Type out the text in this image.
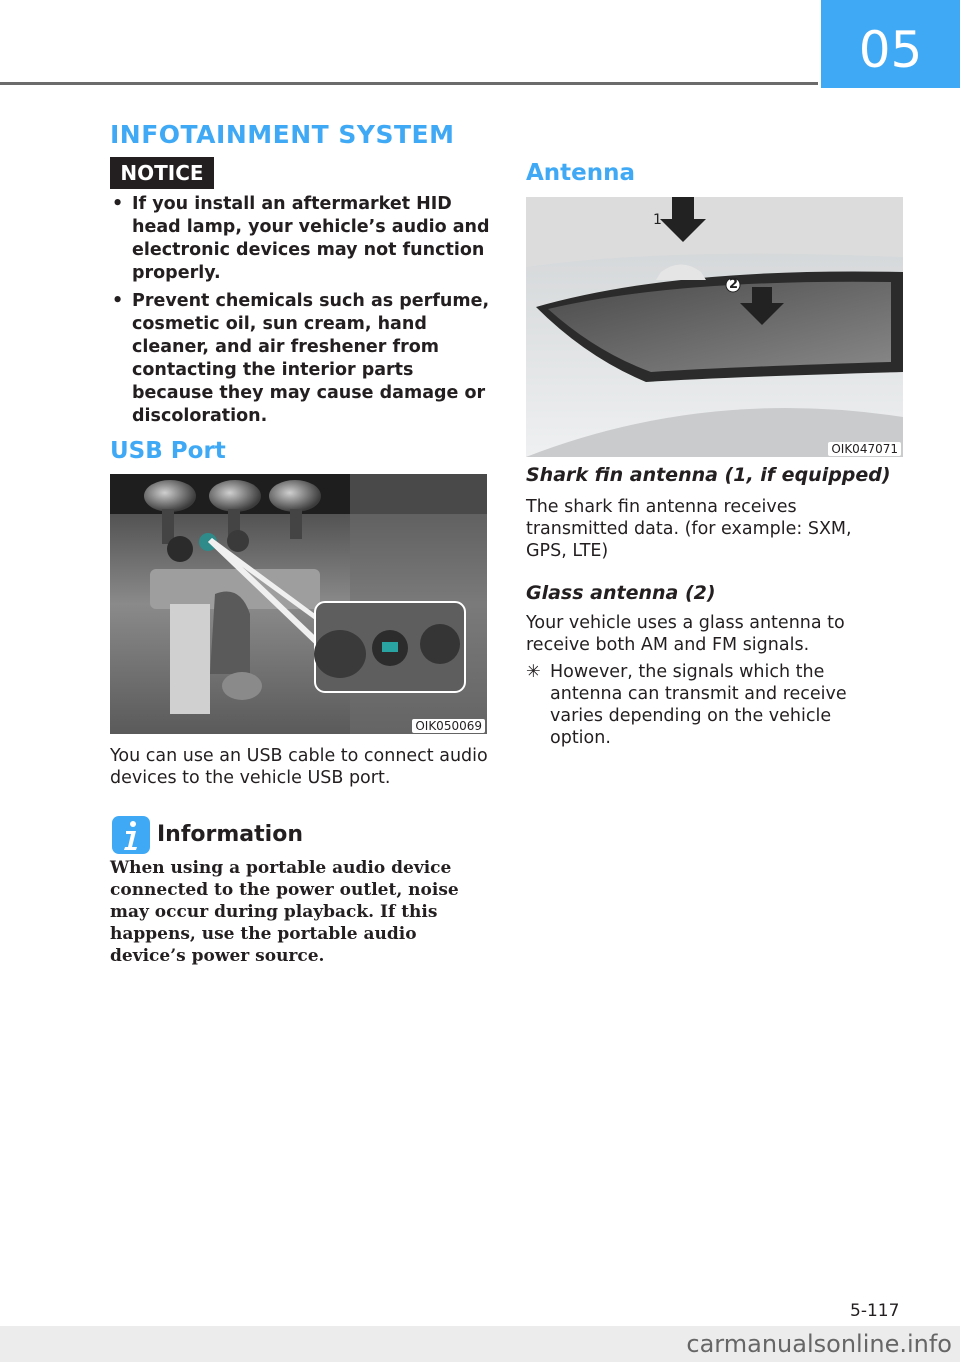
05
INFOTAINMENT SYSTEM
NOTICE
• If you install an aftermarket HID head lamp, your vehicle’s audio and electronic devices may not function properly.
• Prevent chemicals such as perfume, cosmetic oil, sun cream, hand cleaner, and air freshener from contacting the interior parts because they may cause damage or discoloration.
USB Port
OIK050069
You can use an USB cable to connect audio devices to the vehicle USB port.
Information
When using a portable audio device connected to the power outlet, noise may occur during playback. If this happens, use the portable audio device’s power source.
Antenna
1
2
OIK047071
Shark fin antenna (1, if equipped)
The shark fin antenna receives transmitted data. (for example: SXM, GPS, LTE)
Glass antenna (2)
Your vehicle uses a glass antenna to receive both AM and FM signals.
✳ However, the signals which the antenna can transmit and receive varies depending on the vehicle option.
5-117
carmanualsonline.info
